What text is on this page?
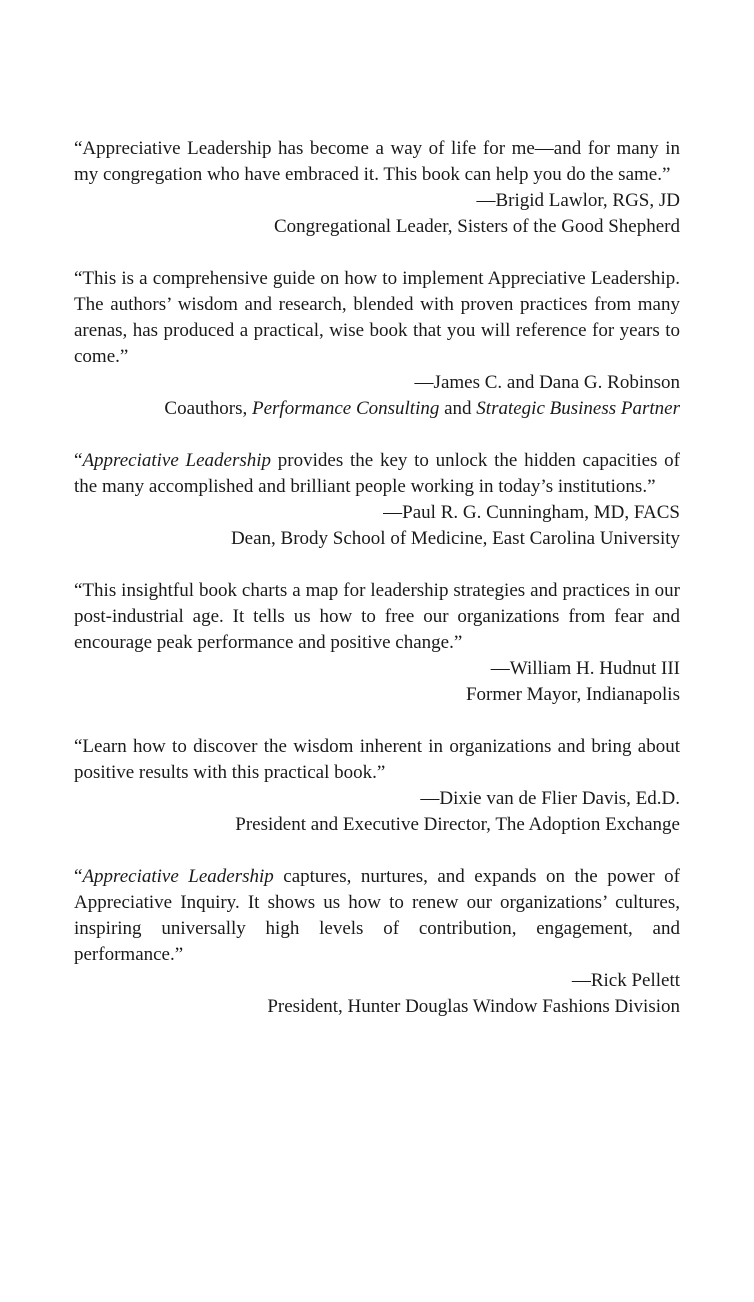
“Appreciative Leadership has become a way of life for me—and for many in my congregation who have embraced it. This book can help you do the same.”

—Brigid Lawlor, RGS, JD

Congregational Leader, Sisters of the Good Shepherd

“This is a comprehensive guide on how to implement Appreciative Leadership. The authors’ wisdom and research, blended with proven practices from many arenas, has produced a practical, wise book that you will reference for years to come.”

—James C. and Dana G. Robinson

Coauthors, Performance Consulting and Strategic Business Partner

“Appreciative Leadership provides the key to unlock the hidden capacities of the many accomplished and brilliant people working in today’s institutions.”

—Paul R. G. Cunningham, MD, FACS

Dean, Brody School of Medicine, East Carolina University

“This insightful book charts a map for leadership strategies and practices in our post-industrial age. It tells us how to free our organizations from fear and encourage peak performance and positive change.”

—William H. Hudnut III

Former Mayor, Indianapolis

“Learn how to discover the wisdom inherent in organizations and bring about positive results with this practical book.”

—Dixie van de Flier Davis, Ed.D.

President and Executive Director, The Adoption Exchange

“Appreciative Leadership captures, nurtures, and expands on the power of Appreciative Inquiry. It shows us how to renew our organizations’ cultures, inspiring universally high levels of contribution, engagement, and performance.”

—Rick Pellett

President, Hunter Douglas Window Fashions Division
